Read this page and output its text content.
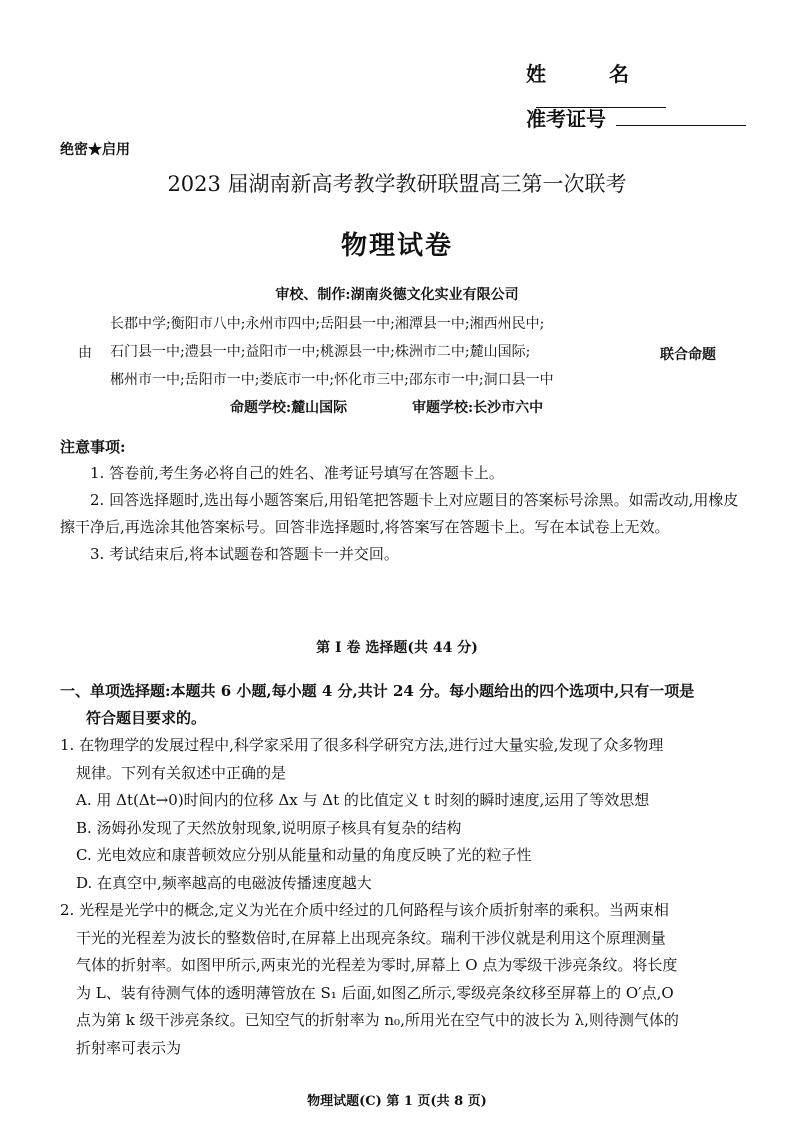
姓 名
准考证号
绝密★启用
2023 届湖南新高考教学教研联盟高三第一次联考
物理试卷
审校、制作:湖南炎德文化实业有限公司
由
长郡中学;衡阳市八中;永州市四中;岳阳县一中;湘潭县一中;湘西州民中;
石门县一中;澧县一中;益阳市一中;桃源县一中;株洲市二中;麓山国际;
郴州市一中;岳阳市一中;娄底市一中;怀化市三中;邵东市一中;洞口县一中
联合命题
命题学校:麓山国际	审题学校:长沙市六中
注意事项:

1. 答卷前,考生务必将自己的姓名、准考证号填写在答题卡上。

2. 回答选择题时,选出每小题答案后,用铅笔把答题卡上对应题目的答案标号涂黑。如需改动,用橡皮擦干净后,再选涂其他答案标号。回答非选择题时,将答案写在答题卡上。写在本试卷上无效。

3. 考试结束后,将本试题卷和答题卡一并交回。

第 I 卷 选择题(共 44 分)
一、单项选择题:本题共 6 小题,每小题 4 分,共计 24 分。每小题给出的四个选项中,只有一项是
符合题目要求的。
1. 在物理学的发展过程中,科学家采用了很多科学研究方法,进行过大量实验,发现了众多物理
规律。下列有关叙述中正确的是
A. 用 Δt(Δt→0)时间内的位移 Δx 与 Δt 的比值定义 t 时刻的瞬时速度,运用了等效思想
B. 汤姆孙发现了天然放射现象,说明原子核具有复杂的结构
C. 光电效应和康普顿效应分别从能量和动量的角度反映了光的粒子性
D. 在真空中,频率越高的电磁波传播速度越大
2. 光程是光学中的概念,定义为光在介质中经过的几何路程与该介质折射率的乘积。当两束相
干光的光程差为波长的整数倍时,在屏幕上出现亮条纹。瑞利干涉仪就是利用这个原理测量
气体的折射率。如图甲所示,两束光的光程差为零时,屏幕上 O 点为零级干涉亮条纹。将长度
为 L、装有待测气体的透明薄管放在 S₁ 后面,如图乙所示,零级亮条纹移至屏幕上的 O′点,O
点为第 k 级干涉亮条纹。已知空气的折射率为 n₀,所用光在空气中的波长为 λ,则待测气体的
折射率可表示为
物理试题(C) 第 1 页(共 8 页)
